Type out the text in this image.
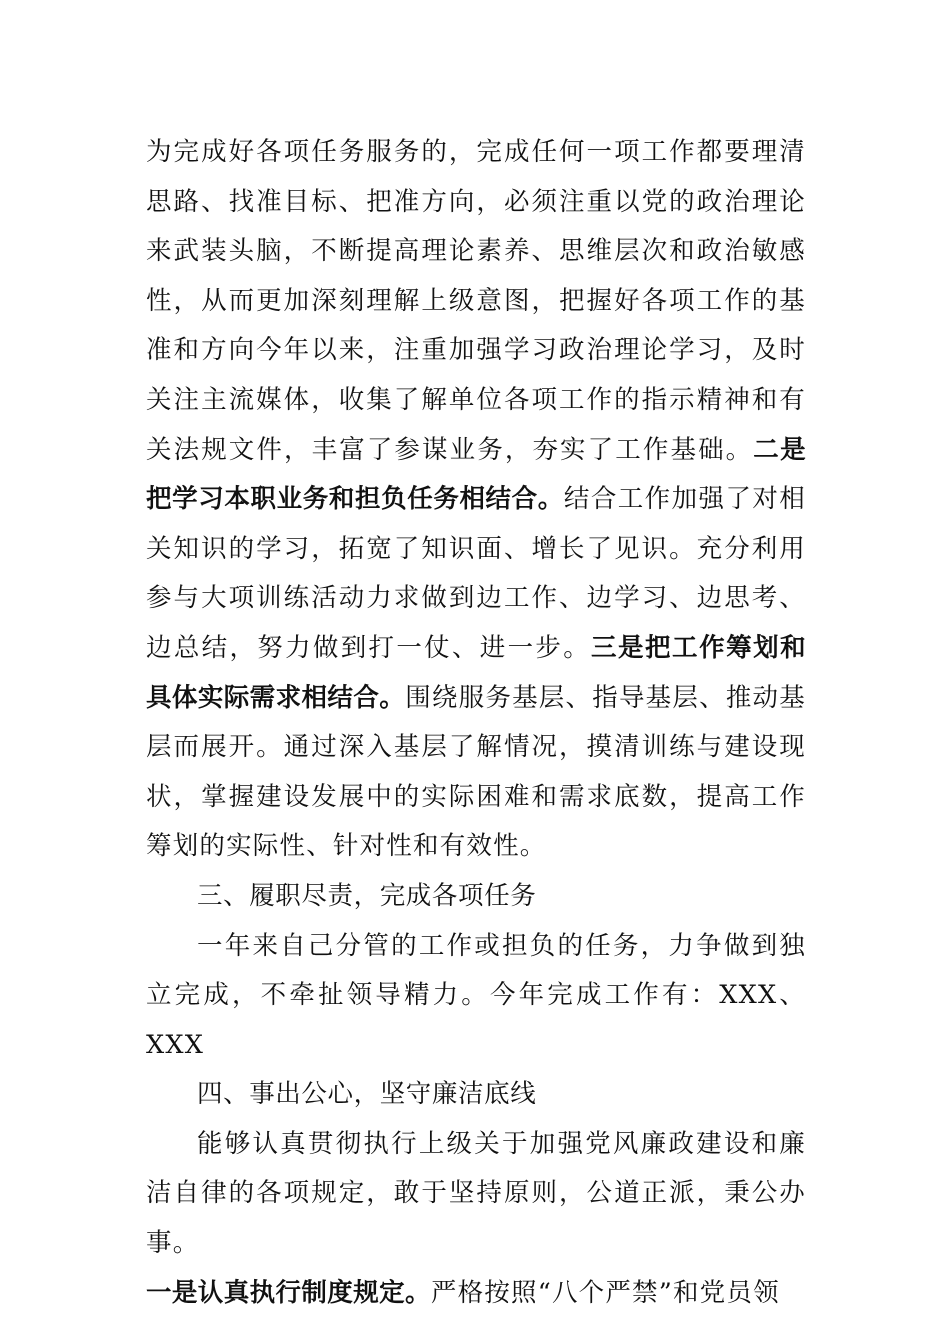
为完成好各项任务服务的，完成任何一项工作都要理清思路、找准目标、把准方向，必须注重以党的政治理论来武装头脑，不断提高理论素养、思维层次和政治敏感性，从而更加深刻理解上级意图，把握好各项工作的基准和方向今年以来，注重加强学习政治理论学习，及时关注主流媒体，收集了解单位各项工作的指示精神和有关法规文件，丰富了参谋业务，夯实了工作基础。二是把学习本职业务和担负任务相结合。结合工作加强了对相关知识的学习，拓宽了知识面、增长了见识。充分利用参与大项训练活动力求做到边工作、边学习、边思考、边总结，努力做到打一仗、进一步。三是把工作筹划和具体实际需求相结合。围绕服务基层、指导基层、推动基层而展开。通过深入基层了解情况，摸清训练与建设现状，掌握建设发展中的实际困难和需求底数，提高工作筹划的实际性、针对性和有效性。

三、履职尽责，完成各项任务

一年来自己分管的工作或担负的任务，力争做到独立完成，不牵扯领导精力。今年完成工作有：XXX、XXX

四、事出公心，坚守廉洁底线

能够认真贯彻执行上级关于加强党风廉政建设和廉洁自律的各项规定，敢于坚持原则，公道正派，秉公办事。

一是认真执行制度规定。严格按照“八个严禁”和党员领
